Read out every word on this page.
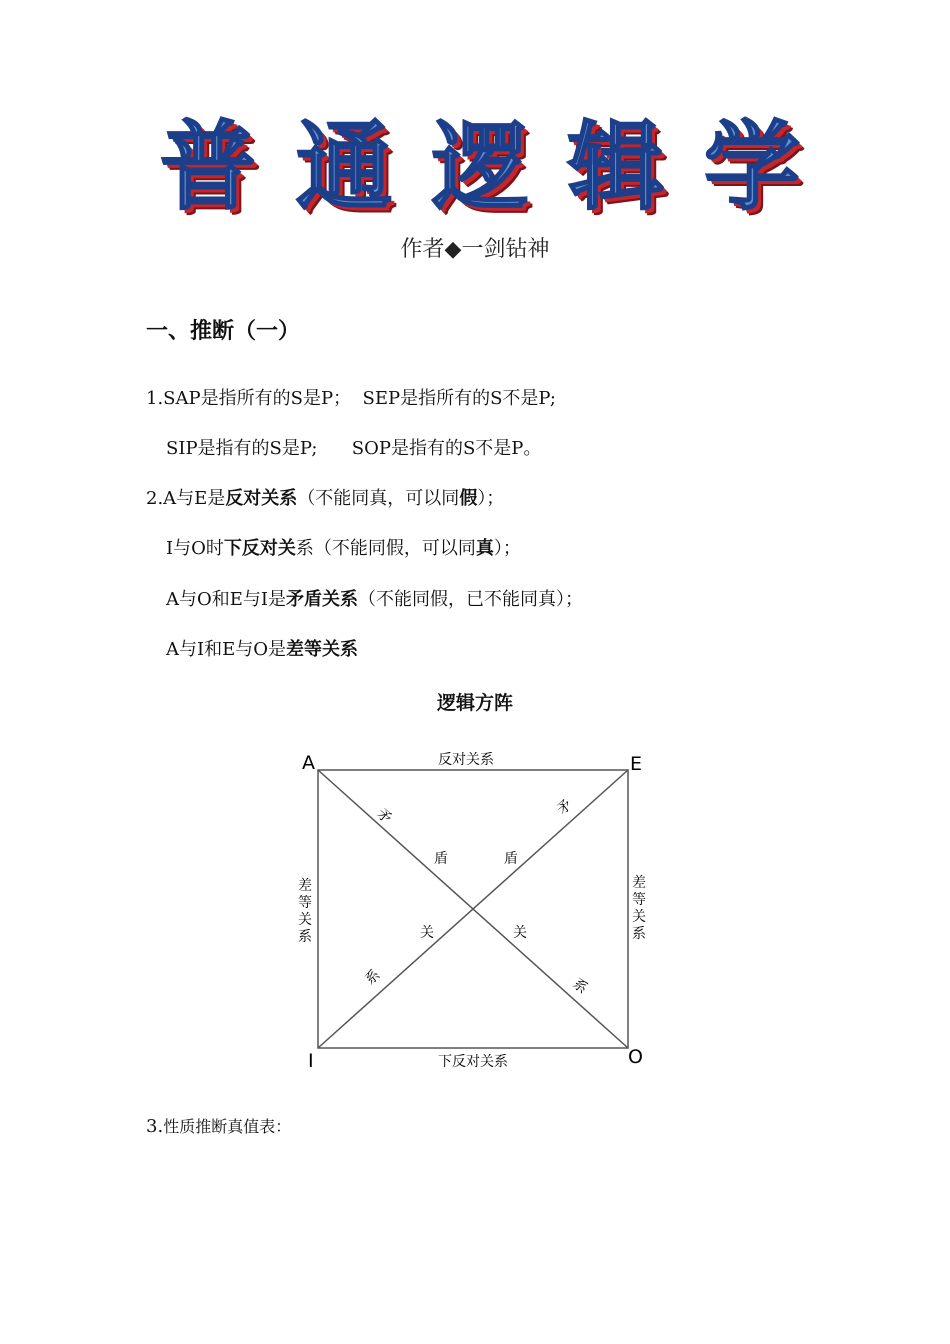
普 通 逻 辑 学
作者◆一剑钻神
一、推断（一）
1.SAP是指所有的S是P；  SEP是指所有的S不是P;
SIP是指有的S是P;      SOP是指有的S不是P。
2.A与E是反对关系（不能同真，可以同假）；
I与O时下反对关系（不能同假，可以同真）；
A与O和E与I是矛盾关系（不能同假，已不能同真）；
A与I和E与O是差等关系
逻辑方阵
A	E
I	O
反对关系
下反对关系
差
等
关
系
差
等
关
系
矛
盾
关
系
矛
盾
关
系
3.性质推断真值表：
